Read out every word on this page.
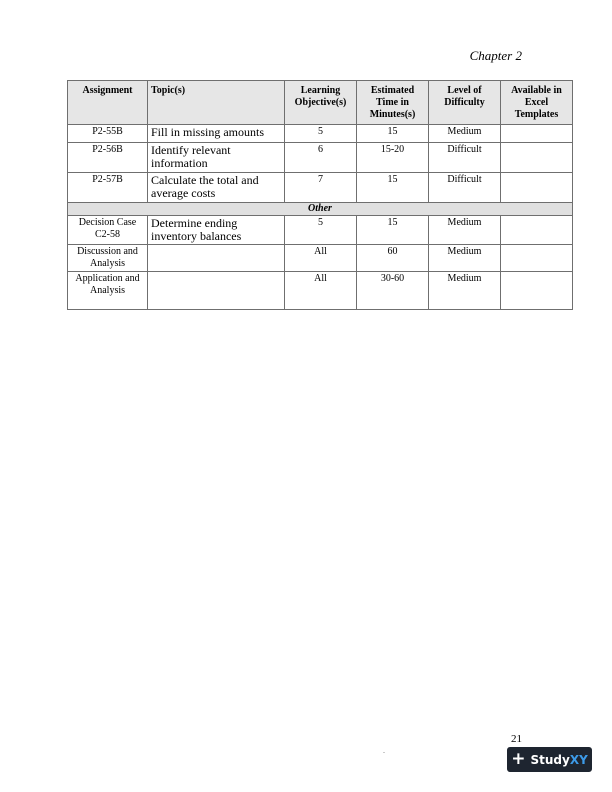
Chapter 2
Assignment	Topic(s)	Learning Objective(s)	Estimated Time in Minutes(s)	Level of Difficulty	Available in Excel Templates
P2-55B	Fill in missing amounts	5	15	Medium	
P2-56B	Identify relevant information	6	15-20	Difficult	
P2-57B	Calculate the total and average costs	7	15	Difficult	
Other					
Decision Case C2-58	Determine ending inventory balances	5	15	Medium	
Discussion and Analysis		All	60	Medium	
Application and Analysis		All	30-60	Medium	
21
.	+ StudyXY
